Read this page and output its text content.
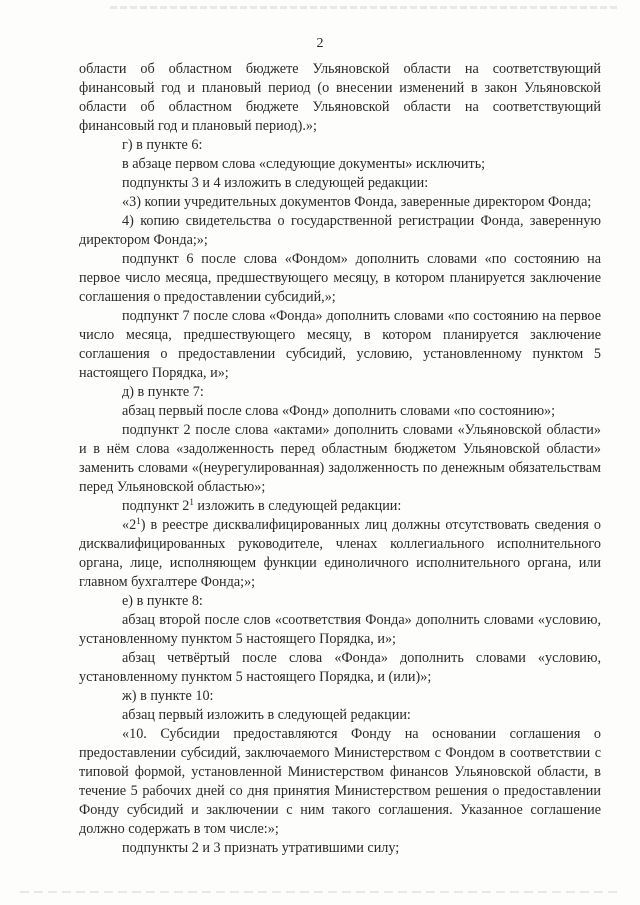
2

области об областном бюджете Ульяновской области на соответствующий финансовый год и плановый период (о внесении изменений в закон Ульяновской области об областном бюджете Ульяновской области на соответствующий финансовый год и плановый период).»;

г) в пункте 6:

в абзаце первом слова «следующие документы» исключить;

подпункты 3 и 4 изложить в следующей редакции:

«3) копии учредительных документов Фонда, заверенные директором Фонда;

4) копию свидетельства о государственной регистрации Фонда, заверенную директором Фонда;»;

подпункт 6 после слова «Фондом» дополнить словами «по состоянию на первое число месяца, предшествующего месяцу, в котором планируется заключение соглашения о предоставлении субсидий,»;

подпункт 7 после слова «Фонда» дополнить словами «по состоянию на первое число месяца, предшествующего месяцу, в котором планируется заключение соглашения о предоставлении субсидий, условию, установленному пунктом 5 настоящего Порядка, и»;

д) в пункте 7:

абзац первый после слова «Фонд» дополнить словами «по состоянию»;

подпункт 2 после слова «актами» дополнить словами «Ульяновской области» и в нём слова «задолженность перед областным бюджетом Ульяновской области» заменить словами «(неурегулированная) задолженность по денежным обязательствам перед Ульяновской областью»;

подпункт $2^1$ изложить в следующей редакции:

«$2^1$) в реестре дисквалифицированных лиц должны отсутствовать сведения о дисквалифицированных руководителе, членах коллегиального исполнительного органа, лице, исполняющем функции единоличного исполнительного органа, или главном бухгалтере Фонда;»;

е) в пункте 8:

абзац второй после слов «соответствия Фонда» дополнить словами «условию, установленному пунктом 5 настоящего Порядка, и»;

абзац четвёртый после слова «Фонда» дополнить словами «условию, установленному пунктом 5 настоящего Порядка, и (или)»;

ж) в пункте 10:

абзац первый изложить в следующей редакции:

«10. Субсидии предоставляются Фонду на основании соглашения о предоставлении субсидий, заключаемого Министерством с Фондом в соответствии с типовой формой, установленной Министерством финансов Ульяновской области, в течение 5 рабочих дней со дня принятия Министерством решения о предоставлении Фонду субсидий и заключении с ним такого соглашения. Указанное соглашение должно содержать в том числе:»;

подпункты 2 и 3 признать утратившими силу;
